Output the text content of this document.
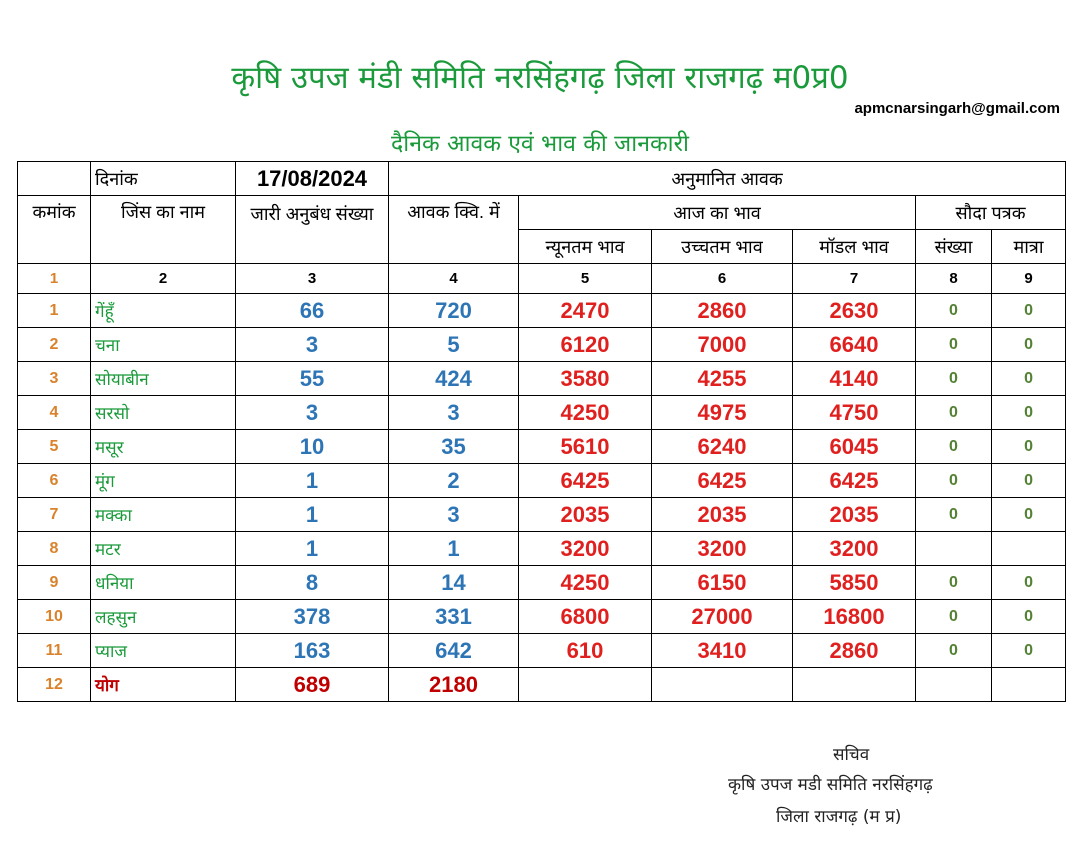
कृषि उपज मंडी समिति नरसिंहगढ़ जिला राजगढ़ म0प्र0
apmcnarsingarh@gmail.com
दैनिक आवक एवं भाव की जानकारी
	दिनांक	17/08/2024	अनुमानित आवक					
कमांक	जिंस का नाम	जारी अनुबंध संख्या	आवक क्वि. में	आज का भाव			सौदा पत्रक	
				न्यूनतम भाव	उच्चतम भाव	मॉडल भाव	संख्या	मात्रा
1	2	3	4	5	6	7	8	9
1	गेंहूँ	66	720	2470	2860	2630	0	0
2	चना	3	5	6120	7000	6640	0	0
3	सोयाबीन	55	424	3580	4255	4140	0	0
4	सरसो	3	3	4250	4975	4750	0	0
5	मसूर	10	35	5610	6240	6045	0	0
6	मूंग	1	2	6425	6425	6425	0	0
7	मक्का	1	3	2035	2035	2035	0	0
8	मटर	1	1	3200	3200	3200		
9	धनिया	8	14	4250	6150	5850	0	0
10	लहसुन	378	331	6800	27000	16800	0	0
11	प्याज	163	642	610	3410	2860	0	0
12	योग	689	2180					
सचिव
कृषि उपज मडी समिति नरसिंहगढ़
जिला राजगढ़ (म प्र)
